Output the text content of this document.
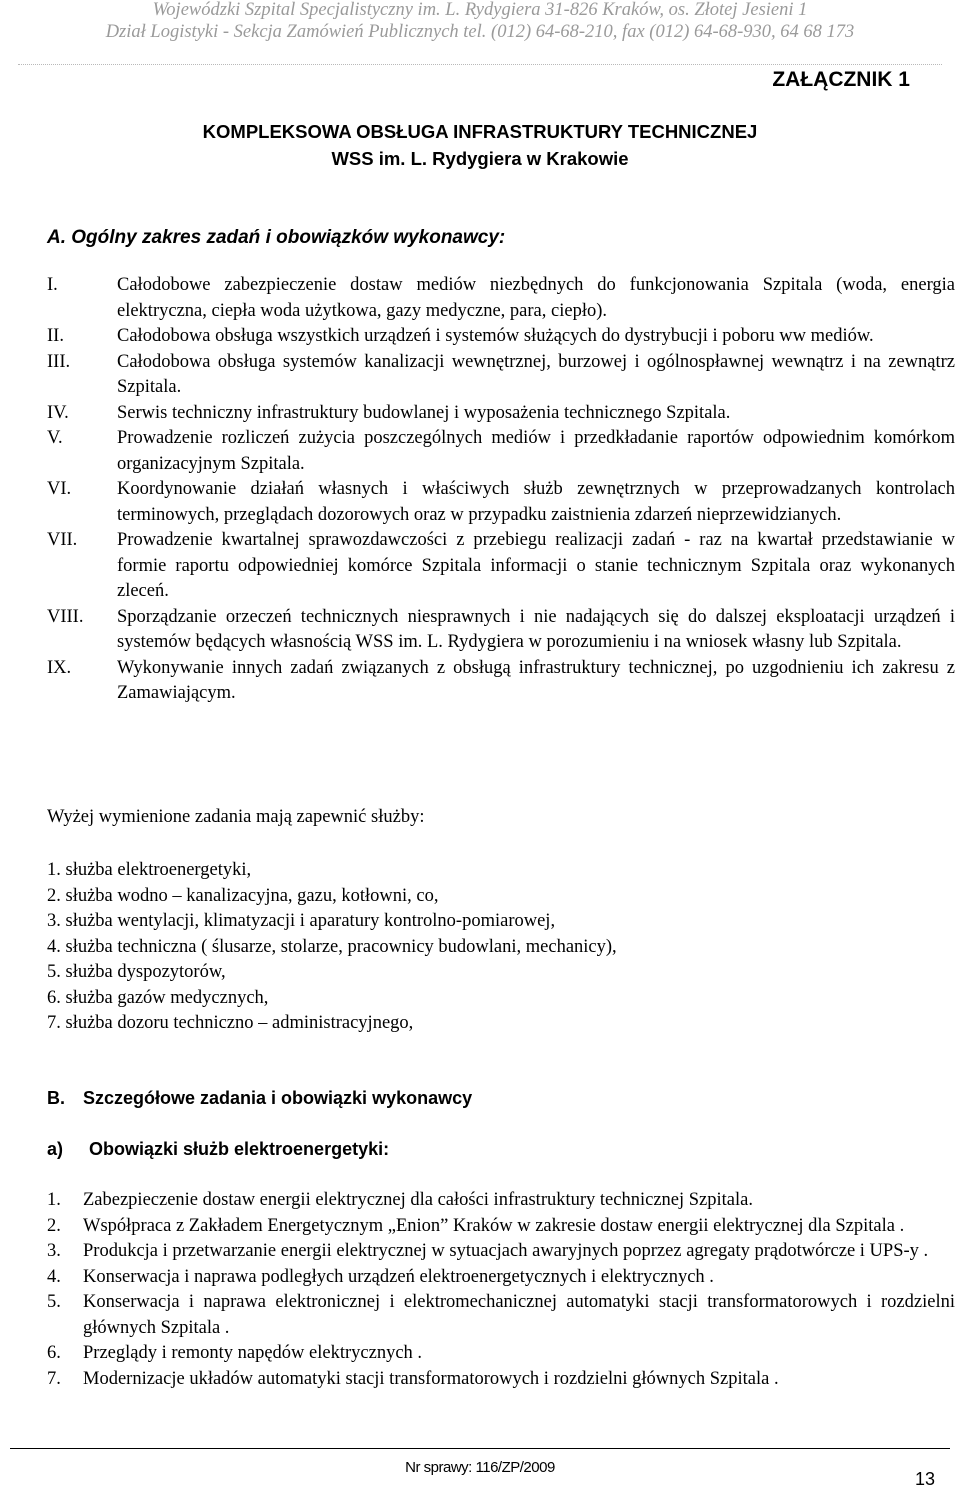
Wojewódzki Szpital Specjalistyczny im. L. Rydygiera 31-826 Kraków, os. Złotej Jesieni 1
Dział Logistyki - Sekcja Zamówień Publicznych tel. (012) 64-68-210, fax (012) 64-68-930, 64 68 173
ZAŁĄCZNIK 1
KOMPLEKSOWA OBSŁUGA INFRASTRUKTURY TECHNICZNEJ
WSS im. L. Rydygiera w Krakowie
A. Ogólny zakres zadań i obowiązków wykonawcy:
I.	Całodobowe zabezpieczenie dostaw mediów niezbędnych do funkcjonowania Szpitala (woda, energia elektryczna, ciepła woda użytkowa, gazy medyczne, para, ciepło).
II.	Całodobowa obsługa wszystkich urządzeń i systemów służących do dystrybucji i poboru ww mediów.
III.	Całodobowa obsługa systemów kanalizacji wewnętrznej, burzowej i ogólnospławnej wewnątrz i na zewnątrz Szpitala.
IV.	Serwis techniczny infrastruktury budowlanej i wyposażenia technicznego Szpitala.
V.	Prowadzenie rozliczeń zużycia poszczególnych mediów i przedkładanie raportów odpowiednim komórkom organizacyjnym Szpitala.
VI.	Koordynowanie działań własnych i właściwych służb zewnętrznych w przeprowadzanych kontrolach terminowych, przeglądach dozorowych oraz w przypadku zaistnienia zdarzeń nieprzewidzianych.
VII.	Prowadzenie kwartalnej sprawozdawczości z przebiegu realizacji zadań - raz na kwartał przedstawianie w formie raportu odpowiedniej komórce Szpitala informacji o stanie technicznym Szpitala oraz wykonanych zleceń.
VIII.	Sporządzanie orzeczeń technicznych niesprawnych i nie nadających się do dalszej eksploatacji urządzeń i systemów będących własnością WSS im. L. Rydygiera w porozumieniu i na wniosek własny lub Szpitala.
IX.	Wykonywanie innych zadań związanych z obsługą infrastruktury technicznej, po uzgodnieniu ich zakresu z Zamawiającym.
Wyżej wymienione zadania mają zapewnić służby:
1. służba elektroenergetyki,
2. służba wodno – kanalizacyjna, gazu, kotłowni, co,
3. służba wentylacji, klimatyzacji i aparatury kontrolno-pomiarowej,
4. służba techniczna ( ślusarze, stolarze, pracownicy budowlani, mechanicy),
5. służba dyspozytorów,
6. służba gazów medycznych,
7. służba dozoru techniczno – administracyjnego,
B. Szczegółowe zadania i obowiązki wykonawcy
a) Obowiązki służb elektroenergetyki:
1.	Zabezpieczenie dostaw energii elektrycznej dla całości infrastruktury technicznej Szpitala.
2.	Współpraca z Zakładem Energetycznym „Enion” Kraków w zakresie dostaw energii elektrycznej dla Szpitala .
3.	Produkcja i przetwarzanie energii elektrycznej w sytuacjach awaryjnych poprzez agregaty prądotwórcze i UPS-y .
4.	Konserwacja i naprawa podległych urządzeń elektroenergetycznych i elektrycznych .
5.	Konserwacja i naprawa elektronicznej i elektromechanicznej automatyki stacji transformatorowych i rozdzielni głównych Szpitala .
6.	Przeglądy i remonty napędów elektrycznych .
7.	Modernizacje układów automatyki stacji transformatorowych i rozdzielni głównych Szpitala .
Nr sprawy: 116/ZP/2009
13
